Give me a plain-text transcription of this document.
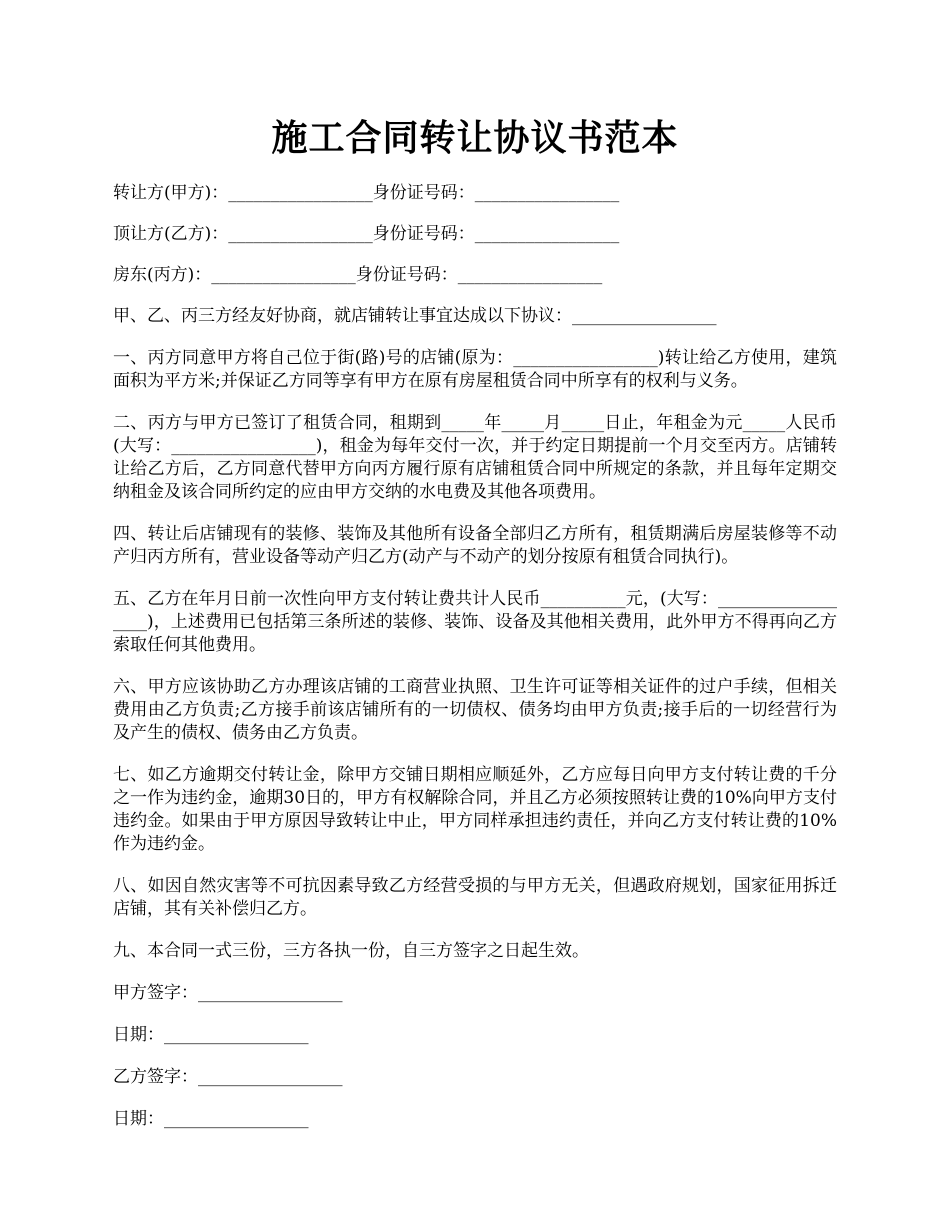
施工合同转让协议书范本

转让方(甲方)：_________________身份证号码：_________________

顶让方(乙方)：_________________身份证号码：_________________

房东(丙方)：_________________身份证号码：_________________

甲、乙、丙三方经友好协商，就店铺转让事宜达成以下协议：_________________

一、丙方同意甲方将自己位于街(路)号的店铺(原为：_________________)转让给乙方使用，建筑面积为平方米;并保证乙方同等享有甲方在原有房屋租赁合同中所享有的权利与义务。

二、丙方与甲方已签订了租赁合同，租期到_____年_____月_____日止，年租金为元_____人民币(大写：_________________)，租金为每年交付一次，并于约定日期提前一个月交至丙方。店铺转让给乙方后，乙方同意代替甲方向丙方履行原有店铺租赁合同中所规定的条款，并且每年定期交纳租金及该合同所约定的应由甲方交纳的水电费及其他各项费用。

四、转让后店铺现有的装修、装饰及其他所有设备全部归乙方所有，租赁期满后房屋装修等不动产归丙方所有，营业设备等动产归乙方(动产与不动产的划分按原有租赁合同执行)。

五、乙方在年月日前一次性向甲方支付转让费共计人民币__________元，(大写：__________________)，上述费用已包括第三条所述的装修、装饰、设备及其他相关费用，此外甲方不得再向乙方索取任何其他费用。

六、甲方应该协助乙方办理该店铺的工商营业执照、卫生许可证等相关证件的过户手续，但相关费用由乙方负责;乙方接手前该店铺所有的一切债权、债务均由甲方负责;接手后的一切经营行为及产生的债权、债务由乙方负责。

七、如乙方逾期交付转让金，除甲方交铺日期相应顺延外，乙方应每日向甲方支付转让费的千分之一作为违约金，逾期30日的，甲方有权解除合同，并且乙方必须按照转让费的10%向甲方支付违约金。如果由于甲方原因导致转让中止，甲方同样承担违约责任，并向乙方支付转让费的10%作为违约金。

八、如因自然灾害等不可抗因素导致乙方经营受损的与甲方无关，但遇政府规划，国家征用拆迁店铺，其有关补偿归乙方。

九、本合同一式三份，三方各执一份，自三方签字之日起生效。

甲方签字：_________________

日期：_________________

乙方签字：_________________

日期：_________________
